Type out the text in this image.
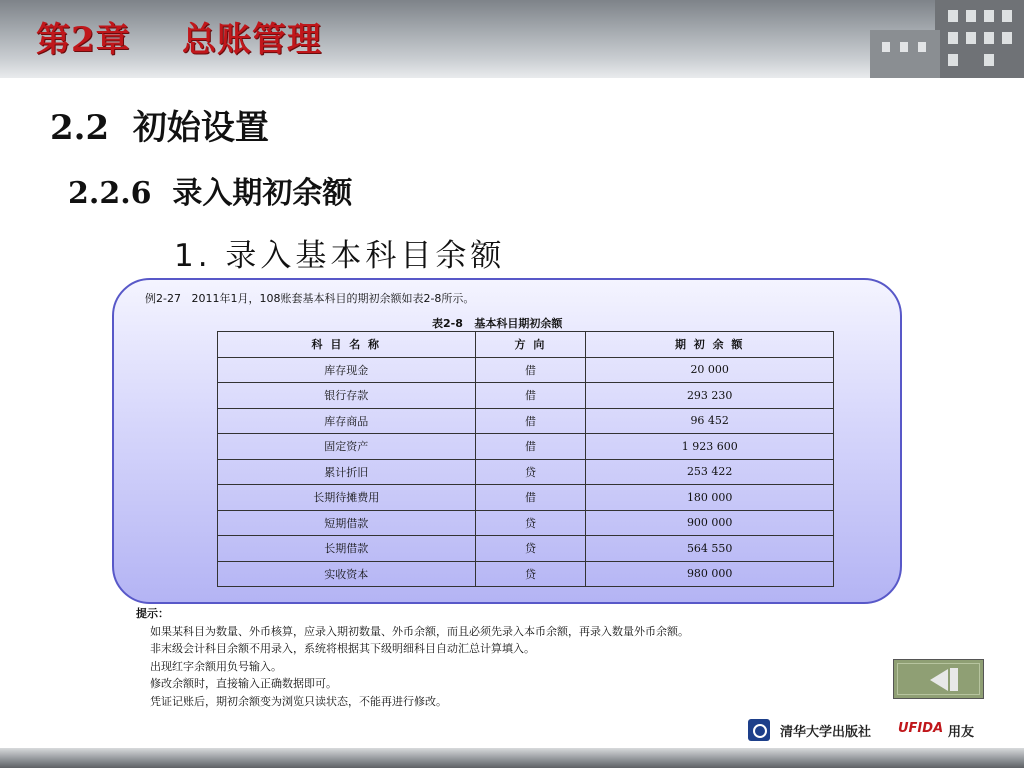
第2章    总账管理
2.2  初始设置
2.2.6  录入期初余额
1. 录入基本科目余额
例2-27   2011年1月，108账套基本科目的期初余额如表2-8所示。
表2-8   基本科目期初余额
科 目 名 称	方 向	期 初 余 额
库存现金	借	20 000
银行存款	借	293 230
库存商品	借	96 452
固定资产	借	1 923 600
累计折旧	贷	253 422
长期待摊费用	借	180 000
短期借款	贷	900 000
长期借款	贷	564 550
实收资本	贷	980 000
提示：
如果某科目为数量、外币核算，应录入期初数量、外币余额，而且必须先录入本币余额，再录入数量外币余额。
非末级会计科目余额不用录入，系统将根据其下级明细科目自动汇总计算填入。
出现红字余额用负号输入。
修改余额时，直接输入正确数据即可。
凭证记账后，期初余额变为浏览只读状态，不能再进行修改。
清华大学出版社 UFIDA 用友
